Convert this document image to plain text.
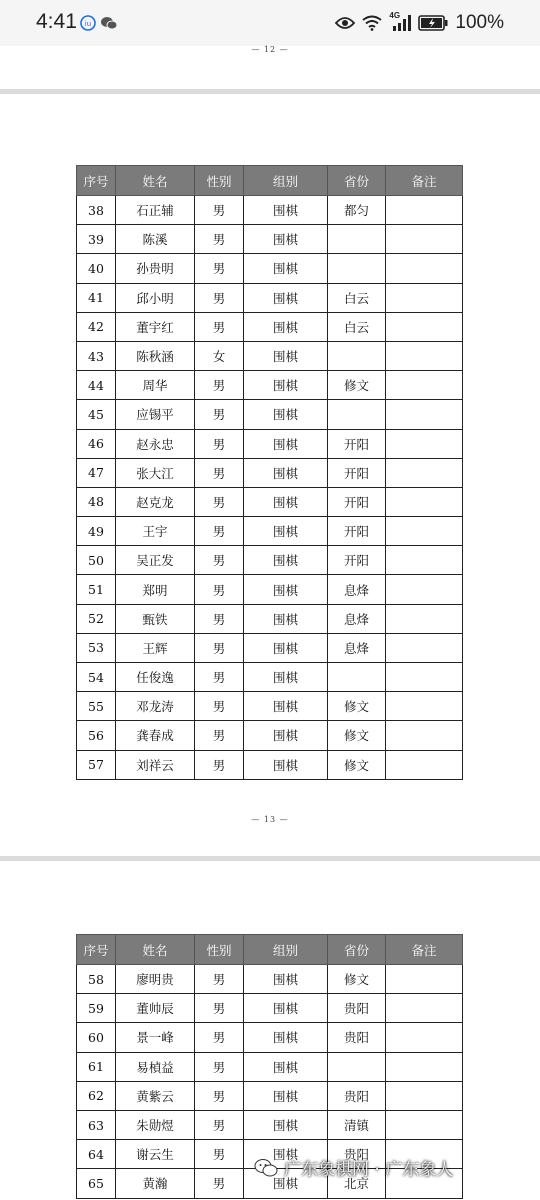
4:41 iu
4G	100%
— 12 —
序号	姓名	性别	组别	省份	备注
38	石正辅	男	围棋	都匀	
39	陈溪	男	围棋		
40	孙贵明	男	围棋		
41	邱小明	男	围棋	白云	
42	董宇红	男	围棋	白云	
43	陈秋涵	女	围棋		
44	周华	男	围棋	修文	
45	应锡平	男	围棋		
46	赵永忠	男	围棋	开阳	
47	张大江	男	围棋	开阳	
48	赵克龙	男	围棋	开阳	
49	王宇	男	围棋	开阳	
50	吴正发	男	围棋	开阳	
51	郑明	男	围棋	息烽	
52	甄铁	男	围棋	息烽	
53	王辉	男	围棋	息烽	
54	任俊逸	男	围棋		
55	邓龙涛	男	围棋	修文	
56	龚春成	男	围棋	修文	
57	刘祥云	男	围棋	修文	
— 13 —
序号	姓名	性别	组别	省份	备注
58	廖明贵	男	围棋	修文	
59	董帅辰	男	围棋	贵阳	
60	景一峰	男	围棋	贵阳	
61	易楨益	男	围棋		
62	黄紫云	男	围棋	贵阳	
63	朱勋煜	男	围棋	清镇	
64	谢云生	男	围棋	贵阳	
65	黄瀚	男	围棋	北京	
广东象棋网 · 广东象人
